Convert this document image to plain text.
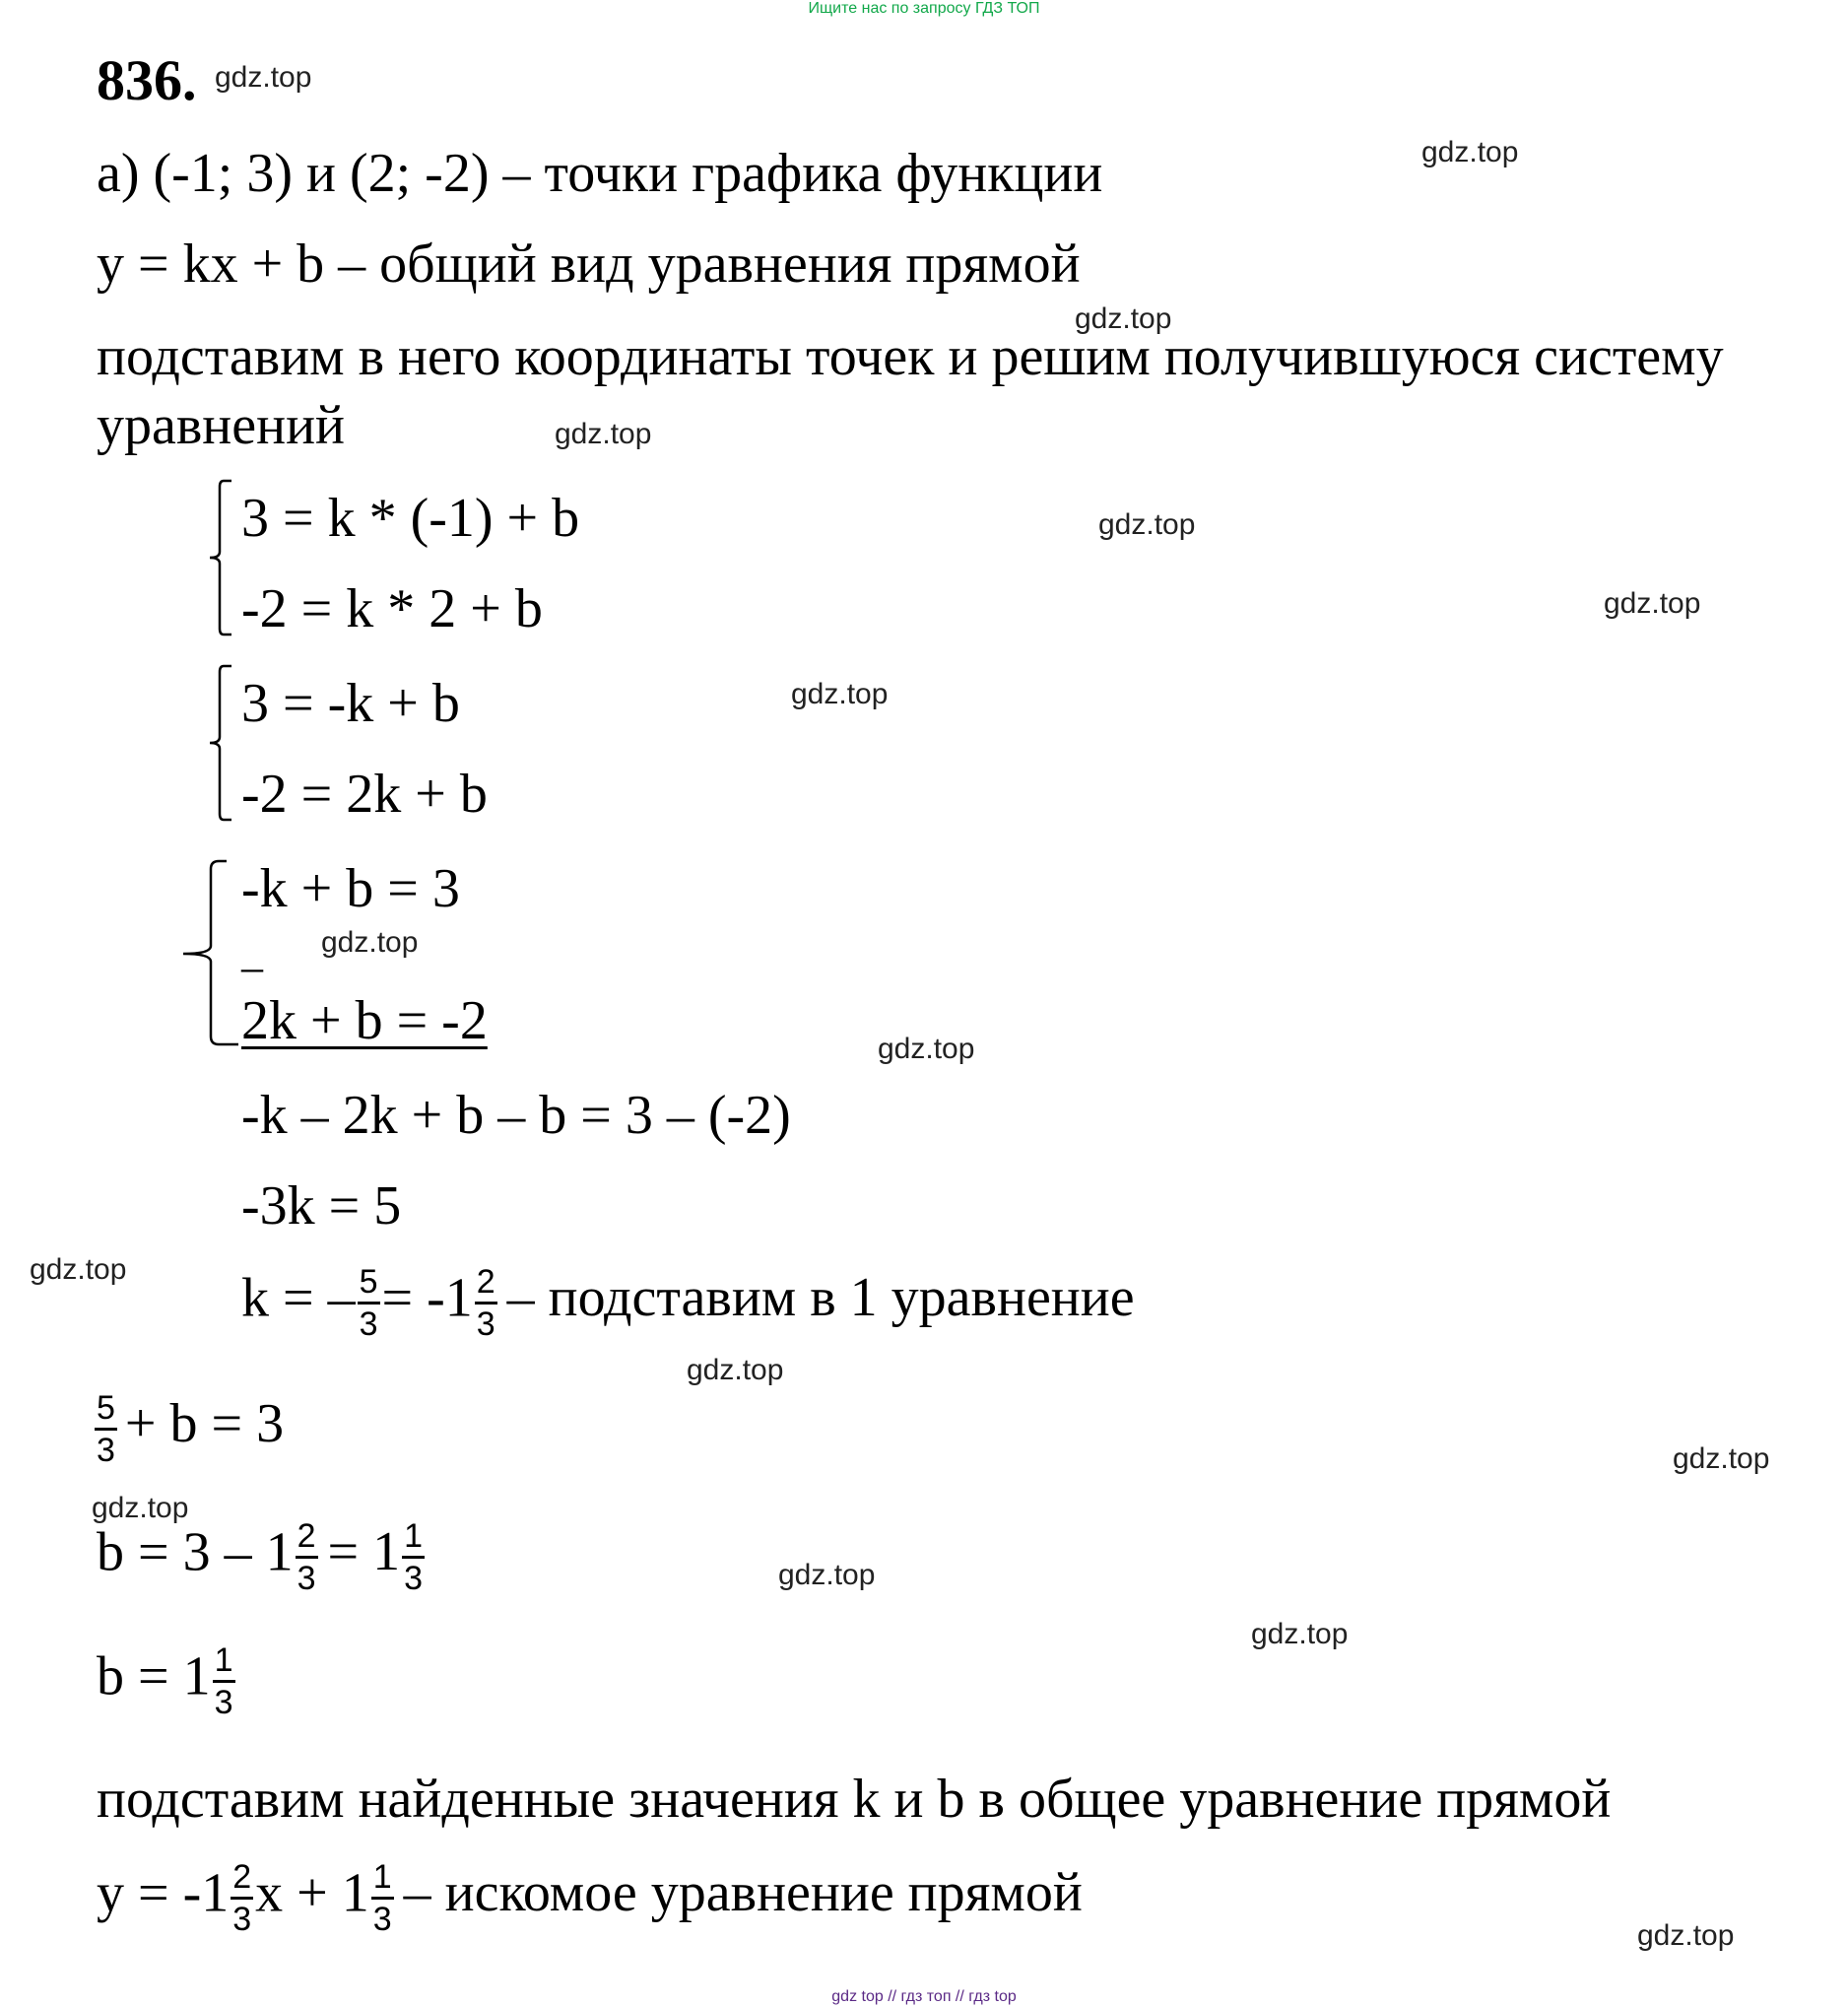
Ищите нас по запросу ГДЗ ТОП
836. gdz.top
а) (-1; 3) и (2; -2) – точки графика функции	gdz.top
y = kx + b – общий вид уравнения прямой
gdz.top
подставим в него координаты точек и решим получившуюся систему
уравнений	gdz.top
3 = k * (-1) + b
-2 = k * 2 + b
gdz.top
gdz.top
3 = -k + b
-2 = 2k + b
gdz.top
-k + b = 3
gdz.top
–
2k + b = -2	gdz.top
-k – 2k + b – b = 3 – (-2)
-3k = 5
gdz.top k = – $\frac{5}{3} = -1 \frac{2}{3}$ – подставим в 1 уравнение
gdz.top
$\frac{5}{3} + b = 3$
gdz.top
gdz.top
$b = 3 - 1 \frac{2}{3} = 1 \frac{1}{3}$	gdz.top
gdz.top
$b = 1 \frac{1}{3}$
подставим найденные значения k и b в общее уравнение прямой
$y = -1 \frac{2}{3}$ $x + 1 \frac{1}{3}$ – искомое уравнение прямой
gdz.top
gdz top // гдз топ // гдз top
